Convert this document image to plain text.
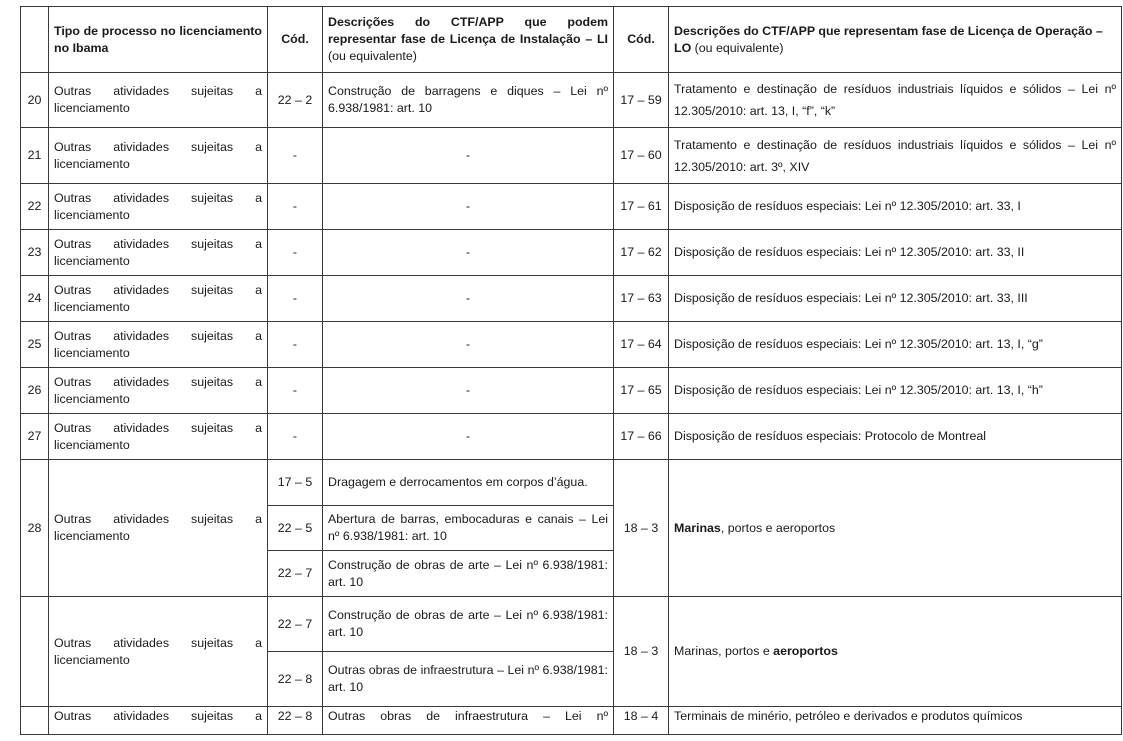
	Tipo de processo no licenciamento no Ibama	Cód.	Descrições do CTF/APP que podem representar fase de Licença de Instalação – LI (ou equivalente)	Cód.	Descrições do CTF/APP que representam fase de Licença de Operação – LO (ou equivalente)
20	Outras atividades sujeitas a licenciamento	22 – 2	Construção de barragens e diques – Lei nº 6.938/1981: art. 10	17 – 59	Tratamento e destinação de resíduos industriais líquidos e sólidos – Lei nº 12.305/2010: art. 13, I, “f”, “k”
21	Outras atividades sujeitas a licenciamento	-	-	17 – 60	Tratamento e destinação de resíduos industriais líquidos e sólidos – Lei nº 12.305/2010: art. 3º, XIV
22	Outras atividades sujeitas a licenciamento	-	-	17 – 61	Disposição de resíduos especiais: Lei nº 12.305/2010: art. 33, I
23	Outras atividades sujeitas a licenciamento	-	-	17 – 62	Disposição de resíduos especiais: Lei nº 12.305/2010: art. 33, II
24	Outras atividades sujeitas a licenciamento	-	-	17 – 63	Disposição de resíduos especiais: Lei nº 12.305/2010: art. 33, III
25	Outras atividades sujeitas a licenciamento	-	-	17 – 64	Disposição de resíduos especiais: Lei nº 12.305/2010: art. 13, I, “g”
26	Outras atividades sujeitas a licenciamento	-	-	17 – 65	Disposição de resíduos especiais: Lei nº 12.305/2010: art. 13, I, “h”
27	Outras atividades sujeitas a licenciamento	-	-	17 – 66	Disposição de resíduos especiais: Protocolo de Montreal
28	Outras atividades sujeitas a licenciamento	17 – 5	Dragagem e derrocamentos em corpos d’água.	18 – 3	Marinas, portos e aeroportos
		22 – 5	Abertura de barras, embocaduras e canais – Lei nº 6.938/1981: art. 10		
		22 – 7	Construção de obras de arte – Lei nº 6.938/1981: art. 10		
	Outras atividades sujeitas a licenciamento	22 – 7	Construção de obras de arte – Lei nº 6.938/1981: art. 10	18 – 3	Marinas, portos e aeroportos
		22 – 8	Outras obras de infraestrutura – Lei nº 6.938/1981: art. 10		
	Outras atividades sujeitas a	22 – 8	Outras obras de infraestrutura – Lei nº	18 – 4	Terminais de minério, petróleo e derivados e produtos químicos
